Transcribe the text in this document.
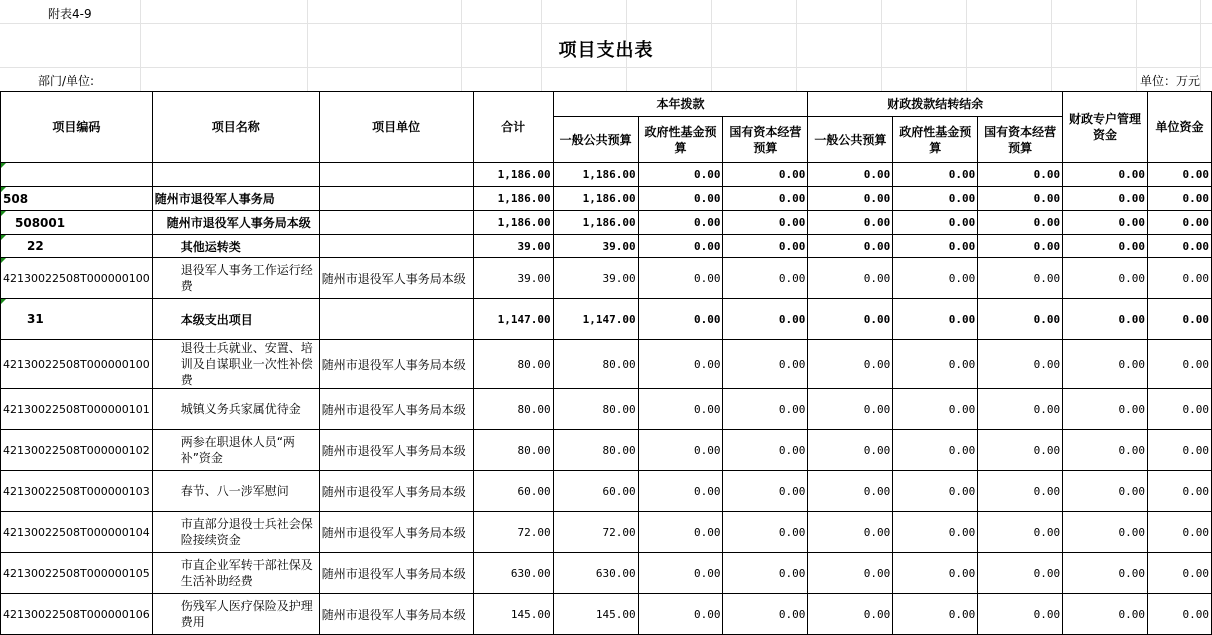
附表4-9
项目支出表
部门/单位:	单位：万元
项目编码	项目名称	项目单位	合计	本年拨款			财政拨款结转结余			财政专户管理资金	单位资金
				一般公共预算	政府性基金预算	国有资本经营预算	一般公共预算	政府性基金预算	国有资本经营预算		
			1,186.00	1,186.00	0.00	0.00	0.00	0.00	0.00	0.00	0.00
508	随州市退役军人事务局		1,186.00	1,186.00	0.00	0.00	0.00	0.00	0.00	0.00	0.00
508001	随州市退役军人事务局本级		1,186.00	1,186.00	0.00	0.00	0.00	0.00	0.00	0.00	0.00
22	其他运转类		39.00	39.00	0.00	0.00	0.00	0.00	0.00	0.00	0.00
42130022508T000000100	退役军人事务工作运行经费	随州市退役军人事务局本级	39.00	39.00	0.00	0.00	0.00	0.00	0.00	0.00	0.00
31	本级支出项目		1,147.00	1,147.00	0.00	0.00	0.00	0.00	0.00	0.00	0.00
42130022508T000000100	退役士兵就业、安置、培训及自谋职业一次性补偿费	随州市退役军人事务局本级	80.00	80.00	0.00	0.00	0.00	0.00	0.00	0.00	0.00
42130022508T000000101	城镇义务兵家属优待金	随州市退役军人事务局本级	80.00	80.00	0.00	0.00	0.00	0.00	0.00	0.00	0.00
42130022508T000000102	两参在职退休人员“两补”资金	随州市退役军人事务局本级	80.00	80.00	0.00	0.00	0.00	0.00	0.00	0.00	0.00
42130022508T000000103	春节、八一涉军慰问	随州市退役军人事务局本级	60.00	60.00	0.00	0.00	0.00	0.00	0.00	0.00	0.00
42130022508T000000104	市直部分退役士兵社会保险接续资金	随州市退役军人事务局本级	72.00	72.00	0.00	0.00	0.00	0.00	0.00	0.00	0.00
42130022508T000000105	市直企业军转干部社保及生活补助经费	随州市退役军人事务局本级	630.00	630.00	0.00	0.00	0.00	0.00	0.00	0.00	0.00
42130022508T000000106	伤残军人医疗保险及护理费用	随州市退役军人事务局本级	145.00	145.00	0.00	0.00	0.00	0.00	0.00	0.00	0.00
